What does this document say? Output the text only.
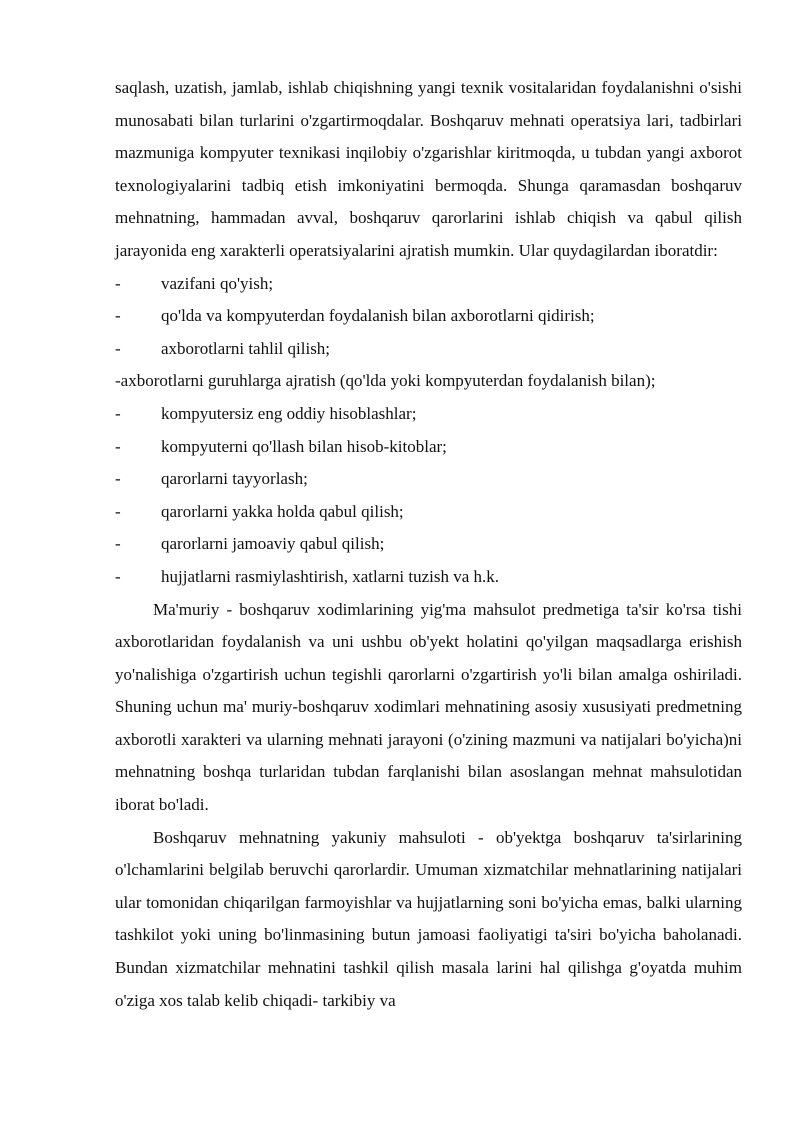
saqlash, uzatish, jamlab, ishlab chiqishning yangi texnik vositalaridan foydalanishni o'sishi munosabati bilan turlarini o'zgartirmoqdalar. Boshqaruv mehnati operatsiya lari, tadbirlari mazmuniga kompyuter texnikasi inqilobiy o'zgarishlar kiritmoqda, u tubdan yangi axborot texnologiyalarini tadbiq etish imkoniyatini bermoqda. Shunga qaramasdan boshqaruv mehnatning, hammadan avval, boshqaruv qarorlarini ishlab chiqish va qabul qilish jarayonida eng xarakterli operatsiyalarini ajratish mumkin. Ular quydagilardan iboratdir:

-	vazifani qo'yish;
-	qo'lda va kompyuterdan foydalanish bilan axborotlarni qidirish;
-	axborotlarni tahlil qilish;
-axborotlarni guruhlarga ajratish (qo'lda yoki kompyuterdan foydalanish bilan);
-	kompyutersiz eng oddiy hisoblashlar;
-	kompyuterni qo'llash bilan hisob-kitoblar;
-	qarorlarni tayyorlash;
-	qarorlarni yakka holda qabul qilish;
-	qarorlarni jamoaviy qabul qilish;
-	hujjatlarni rasmiylashtirish, xatlarni tuzish va h.k.

Ma'muriy - boshqaruv xodimlarining yig'ma mahsulot predmetiga ta'sir ko'rsa tishi axborotlaridan foydalanish va uni ushbu ob'yekt holatini qo'yilgan maqsadlarga erishish yo'nalishiga o'zgartirish uchun tegishli qarorlarni o'zgartirish yo'li bilan amalga oshiriladi. Shuning uchun ma' muriy-boshqaruv xodimlari mehnatining asosiy xususiyati predmetning axborotli xarakteri va ularning mehnati jarayoni (o'zining mazmuni va natijalari bo'yicha)ni mehnatning boshqa turlaridan tubdan farqlanishi bilan asoslangan mehnat mahsulotidan iborat bo'ladi.

Boshqaruv mehnatning yakuniy mahsuloti - ob'yektga boshqaruv ta'sirlarining o'lchamlarini belgilab beruvchi qarorlardir. Umuman xizmatchilar mehnatlarining natijalari ular tomonidan chiqarilgan farmoyishlar va hujjatlarning soni bo'yicha emas, balki ularning tashkilot yoki uning bo'linmasining butun jamoasi faoliyatigi ta'siri bo'yicha baholanadi. Bundan xizmatchilar mehnatini tashkil qilish masala larini hal qilishga g'oyatda muhim o'ziga xos talab kelib chiqadi- tarkibiy va
